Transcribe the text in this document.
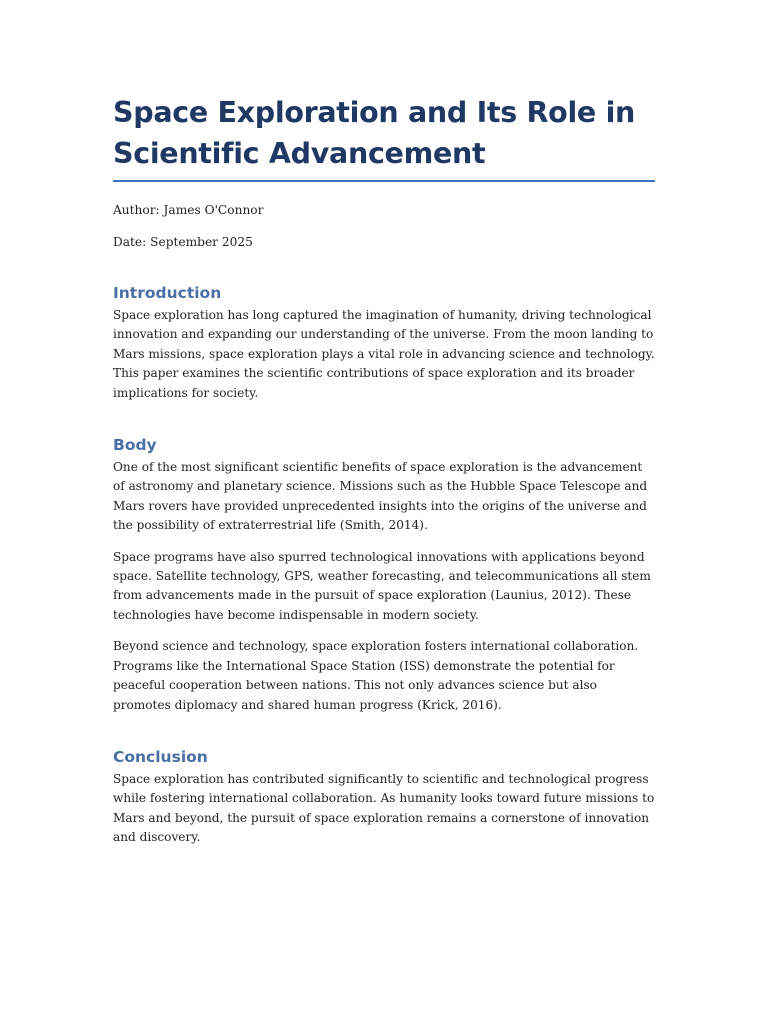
Space Exploration and Its Role in Scientific Advancement

Author: James O'Connor

Date: September 2025

Introduction

Space exploration has long captured the imagination of humanity, driving technological innovation and expanding our understanding of the universe. From the moon landing to Mars missions, space exploration plays a vital role in advancing science and technology. This paper examines the scientific contributions of space exploration and its broader implications for society.

Body

One of the most significant scientific benefits of space exploration is the advancement of astronomy and planetary science. Missions such as the Hubble Space Telescope and Mars rovers have provided unprecedented insights into the origins of the universe and the possibility of extraterrestrial life (Smith, 2014).

Space programs have also spurred technological innovations with applications beyond space. Satellite technology, GPS, weather forecasting, and telecommunications all stem from advancements made in the pursuit of space exploration (Launius, 2012). These technologies have become indispensable in modern society.

Beyond science and technology, space exploration fosters international collaboration. Programs like the International Space Station (ISS) demonstrate the potential for peaceful cooperation between nations. This not only advances science but also promotes diplomacy and shared human progress (Krick, 2016).

Conclusion

Space exploration has contributed significantly to scientific and technological progress while fostering international collaboration. As humanity looks toward future missions to Mars and beyond, the pursuit of space exploration remains a cornerstone of innovation and discovery.
